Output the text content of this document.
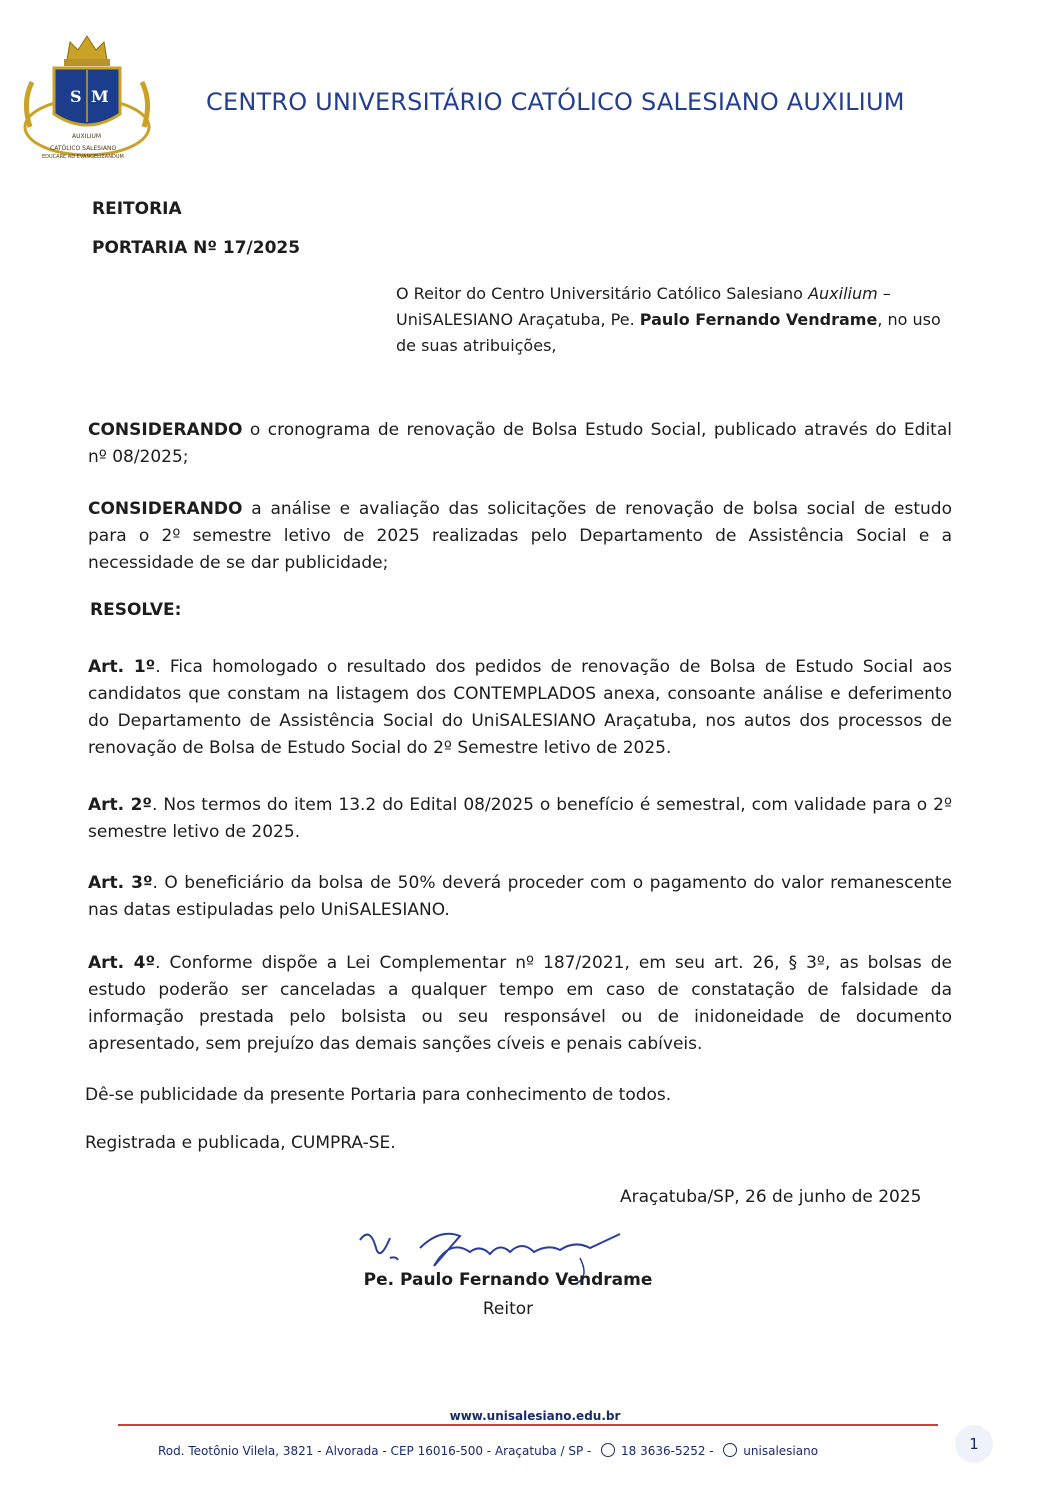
S M
CATÓLICO SALESIANO
AUXILIUM
EDUCARE AD EVANGELIZANDUM
CENTRO UNIVERSITÁRIO CATÓLICO SALESIANO AUXILIUM
REITORIA
PORTARIA Nº 17/2025
O Reitor do Centro Universitário Católico Salesiano Auxilium – UniSALESIANO Araçatuba, Pe. Paulo Fernando Vendrame, no uso de suas atribuições,
CONSIDERANDO o cronograma de renovação de Bolsa Estudo Social, publicado através do Edital nº 08/2025;
CONSIDERANDO a análise e avaliação das solicitações de renovação de bolsa social de estudo para o 2º semestre letivo de 2025 realizadas pelo Departamento de Assistência Social e a necessidade de se dar publicidade;
RESOLVE:
Art. 1º. Fica homologado o resultado dos pedidos de renovação de Bolsa de Estudo Social aos candidatos que constam na listagem dos CONTEMPLADOS anexa, consoante análise e deferimento do Departamento de Assistência Social do UniSALESIANO Araçatuba, nos autos dos processos de renovação de Bolsa de Estudo Social do 2º Semestre letivo de 2025.
Art. 2º. Nos termos do item 13.2 do Edital 08/2025 o benefício é semestral, com validade para o 2º semestre letivo de 2025.
Art. 3º. O beneficiário da bolsa de 50% deverá proceder com o pagamento do valor remanescente nas datas estipuladas pelo UniSALESIANO.
Art. 4º. Conforme dispõe a Lei Complementar nº 187/2021, em seu art. 26, § 3º, as bolsas de estudo poderão ser canceladas a qualquer tempo em caso de constatação de falsidade da informação prestada pelo bolsista ou seu responsável ou de inidoneidade de documento apresentado, sem prejuízo das demais sanções cíveis e penais cabíveis.
Dê-se publicidade da presente Portaria para conhecimento de todos.
Registrada e publicada, CUMPRA-SE.
Araçatuba/SP, 26 de junho de 2025
Pe. Paulo Fernando Vendrame
Reitor
www.unisalesiano.edu.br
Rod. Teotônio Vilela, 3821 - Alvorada - CEP 16016-500 - Araçatuba / SP - 18 3636-5252 - unisalesiano	1
